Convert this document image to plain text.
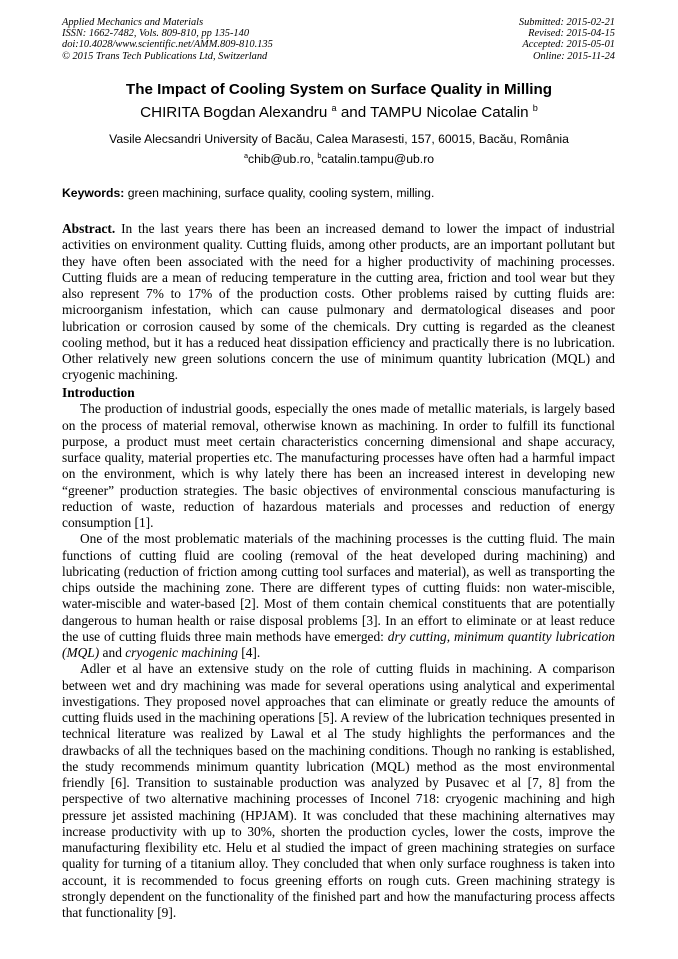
Applied Mechanics and Materials
ISSN: 1662-7482, Vols. 809-810, pp 135-140
doi:10.4028/www.scientific.net/AMM.809-810.135
© 2015 Trans Tech Publications Ltd, Switzerland
Submitted: 2015-02-21
Revised: 2015-04-15
Accepted: 2015-05-01
Online: 2015-11-24
The Impact of Cooling System on Surface Quality in Milling
CHIRITA Bogdan Alexandru $^a$ and TAMPU Nicolae Catalin $^b$
Vasile Alecsandri University of Bacău, Calea Marasesti, 157, 60015, Bacău, România
$^a$chib@ub.ro, $^b$catalin.tampu@ub.ro
Keywords: green machining, surface quality, cooling system, milling.
Abstract. In the last years there has been an increased demand to lower the impact of industrial activities on environment quality. Cutting fluids, among other products, are an important pollutant but they have often been associated with the need for a higher productivity of machining processes. Cutting fluids are a mean of reducing temperature in the cutting area, friction and tool wear but they also represent 7% to 17% of the production costs. Other problems raised by cutting fluids are: microorganism infestation, which can cause pulmonary and dermatological diseases and poor lubrication or corrosion caused by some of the chemicals. Dry cutting is regarded as the cleanest cooling method, but it has a reduced heat dissipation efficiency and practically there is no lubrication. Other relatively new green solutions concern the use of minimum quantity lubrication (MQL) and cryogenic machining.
Introduction

The production of industrial goods, especially the ones made of metallic materials, is largely based on the process of material removal, otherwise known as machining. In order to fulfill its functional purpose, a product must meet certain characteristics concerning dimensional and shape accuracy, surface quality, material properties etc. The manufacturing processes have often had a harmful impact on the environment, which is why lately there has been an increased interest in developing new “greener” production strategies. The basic objectives of environmental conscious manufacturing is reduction of waste, reduction of hazardous materials and processes and reduction of energy consumption [1].

One of the most problematic materials of the machining processes is the cutting fluid. The main functions of cutting fluid are cooling (removal of the heat developed during machining) and lubricating (reduction of friction among cutting tool surfaces and material), as well as transporting the chips outside the machining zone. There are different types of cutting fluids: non water-miscible, water-miscible and water-based [2]. Most of them contain chemical constituents that are potentially dangerous to human health or raise disposal problems [3]. In an effort to eliminate or at least reduce the use of cutting fluids three main methods have emerged: dry cutting, minimum quantity lubrication (MQL) and cryogenic machining [4].

Adler et al have an extensive study on the role of cutting fluids in machining. A comparison between wet and dry machining was made for several operations using analytical and experimental investigations. They proposed novel approaches that can eliminate or greatly reduce the amounts of cutting fluids used in the machining operations [5]. A review of the lubrication techniques presented in technical literature was realized by Lawal et al The study highlights the performances and the drawbacks of all the techniques based on the machining conditions. Though no ranking is established, the study recommends minimum quantity lubrication (MQL) method as the most environmental friendly [6]. Transition to sustainable production was analyzed by Pusavec et al [7, 8] from the perspective of two alternative machining processes of Inconel 718: cryogenic machining and high pressure jet assisted machining (HPJAM). It was concluded that these machining alternatives may increase productivity with up to 30%, shorten the production cycles, lower the costs, improve the manufacturing flexibility etc. Helu et al studied the impact of green machining strategies on surface quality for turning of a titanium alloy. They concluded that when only surface roughness is taken into account, it is recommended to focus greening efforts on rough cuts. Green machining strategy is strongly dependent on the functionality of the finished part and how the manufacturing process affects that functionality [9].
